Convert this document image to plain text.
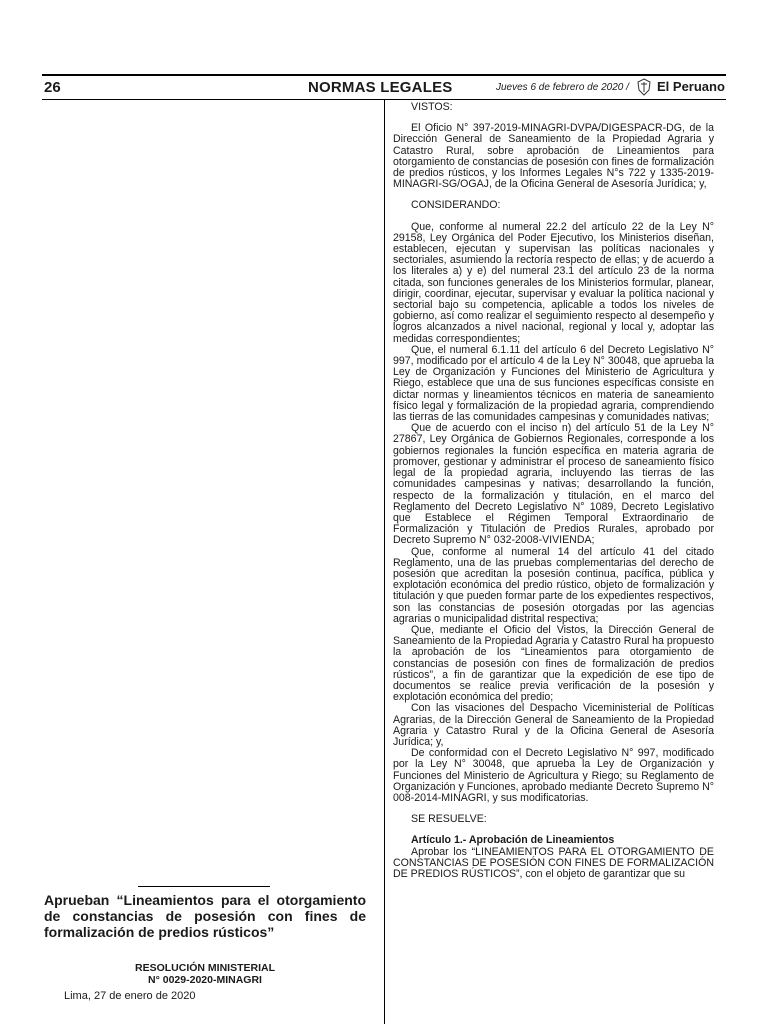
26	NORMAS LEGALES	Jueves 6 de febrero de 2020 / El Peruano
Aprueban “Lineamientos para el otorgamiento de constancias de posesión con fines de formalización de predios rústicos”
RESOLUCIÓN MINISTERIAL
N° 0029-2020-MINAGRI
Lima, 27 de enero de 2020

VISTOS:

El Oficio N° 397-2019-MINAGRI-DVPA/DIGESPACR-DG, de la Dirección General de Saneamiento de la Propiedad Agraria y Catastro Rural, sobre aprobación de Lineamientos para otorgamiento de constancias de posesión con fines de formalización de predios rústicos, y los Informes Legales N°s 722 y 1335-2019-MINAGRI-SG/OGAJ, de la Oficina General de Asesoría Jurídica; y,

CONSIDERANDO:

Que, conforme al numeral 22.2 del artículo 22 de la Ley N° 29158, Ley Orgánica del Poder Ejecutivo, los Ministerios diseñan, establecen, ejecutan y supervisan las políticas nacionales y sectoriales, asumiendo la rectoría respecto de ellas; y de acuerdo a los literales a) y e) del numeral 23.1 del artículo 23 de la norma citada, son funciones generales de los Ministerios formular, planear, dirigir, coordinar, ejecutar, supervisar y evaluar la política nacional y sectorial bajo su competencia, aplicable a todos los niveles de gobierno, así como realizar el seguimiento respecto al desempeño y logros alcanzados a nivel nacional, regional y local y, adoptar las medidas correspondientes;

Que, el numeral 6.1.11 del artículo 6 del Decreto Legislativo N° 997, modificado por el artículo 4 de la Ley N° 30048, que aprueba la Ley de Organización y Funciones del Ministerio de Agricultura y Riego, establece que una de sus funciones específicas consiste en dictar normas y lineamientos técnicos en materia de saneamiento físico legal y formalización de la propiedad agraria, comprendiendo las tierras de las comunidades campesinas y comunidades nativas;

Que de acuerdo con el inciso n) del artículo 51 de la Ley N° 27867, Ley Orgánica de Gobiernos Regionales, corresponde a los gobiernos regionales la función específica en materia agraria de promover, gestionar y administrar el proceso de saneamiento físico legal de la propiedad agraria, incluyendo las tierras de las comunidades campesinas y nativas; desarrollando la función, respecto de la formalización y titulación, en el marco del Reglamento del Decreto Legislativo N° 1089, Decreto Legislativo que Establece el Régimen Temporal Extraordinario de Formalización y Titulación de Predios Rurales, aprobado por Decreto Supremo N° 032-2008-VIVIENDA;

Que, conforme al numeral 14 del artículo 41 del citado Reglamento, una de las pruebas complementarias del derecho de posesión que acreditan la posesión continua, pacífica, pública y explotación económica del predio rústico, objeto de formalización y titulación y que pueden formar parte de los expedientes respectivos, son las constancias de posesión otorgadas por las agencias agrarias o municipalidad distrital respectiva;

Que, mediante el Oficio del Vistos, la Dirección General de Saneamiento de la Propiedad Agraria y Catastro Rural ha propuesto la aprobación de los “Lineamientos para otorgamiento de constancias de posesión con fines de formalización de predios rústicos”, a fin de garantizar que la expedición de ese tipo de documentos se realice previa verificación de la posesión y explotación económica del predio;

Con las visaciones del Despacho Viceministerial de Políticas Agrarias, de la Dirección General de Saneamiento de la Propiedad Agraria y Catastro Rural y de la Oficina General de Asesoría Jurídica; y,

De conformidad con el Decreto Legislativo N° 997, modificado por la Ley N° 30048, que aprueba la Ley de Organización y Funciones del Ministerio de Agricultura y Riego; su Reglamento de Organización y Funciones, aprobado mediante Decreto Supremo N° 008-2014-MINAGRI, y sus modificatorias.

SE RESUELVE:

Artículo 1.- Aprobación de Lineamientos

Aprobar los “LINEAMIENTOS PARA EL OTORGAMIENTO DE CONSTANCIAS DE POSESIÓN CON FINES DE FORMALIZACIÓN DE PREDIOS RÚSTICOS”, con el objeto de garantizar que su
